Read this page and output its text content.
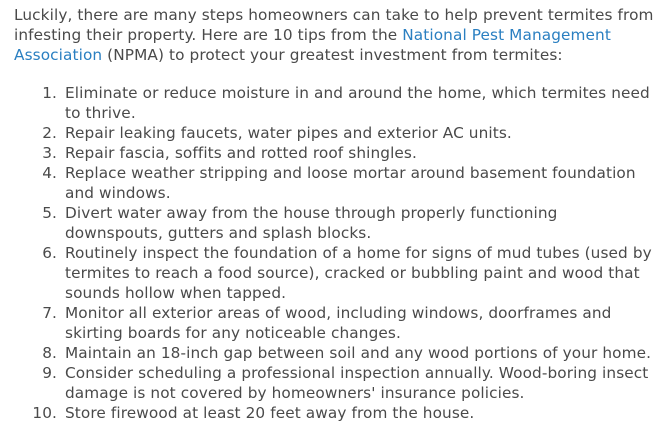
Luckily, there are many steps homeowners can take to help prevent termites from infesting their property. Here are 10 tips from the National Pest Management Association (NPMA) to protect your greatest investment from termites:

1. Eliminate or reduce moisture in and around the home, which termites need to thrive.
2. Repair leaking faucets, water pipes and exterior AC units.
3. Repair fascia, soffits and rotted roof shingles.
4. Replace weather stripping and loose mortar around basement foundation and windows.
5. Divert water away from the house through properly functioning downspouts, gutters and splash blocks.
6. Routinely inspect the foundation of a home for signs of mud tubes (used by termites to reach a food source), cracked or bubbling paint and wood that sounds hollow when tapped.
7. Monitor all exterior areas of wood, including windows, doorframes and skirting boards for any noticeable changes.
8. Maintain an 18-inch gap between soil and any wood portions of your home.
9. Consider scheduling a professional inspection annually. Wood-boring insect damage is not covered by homeowners' insurance policies.
10. Store firewood at least 20 feet away from the house.
